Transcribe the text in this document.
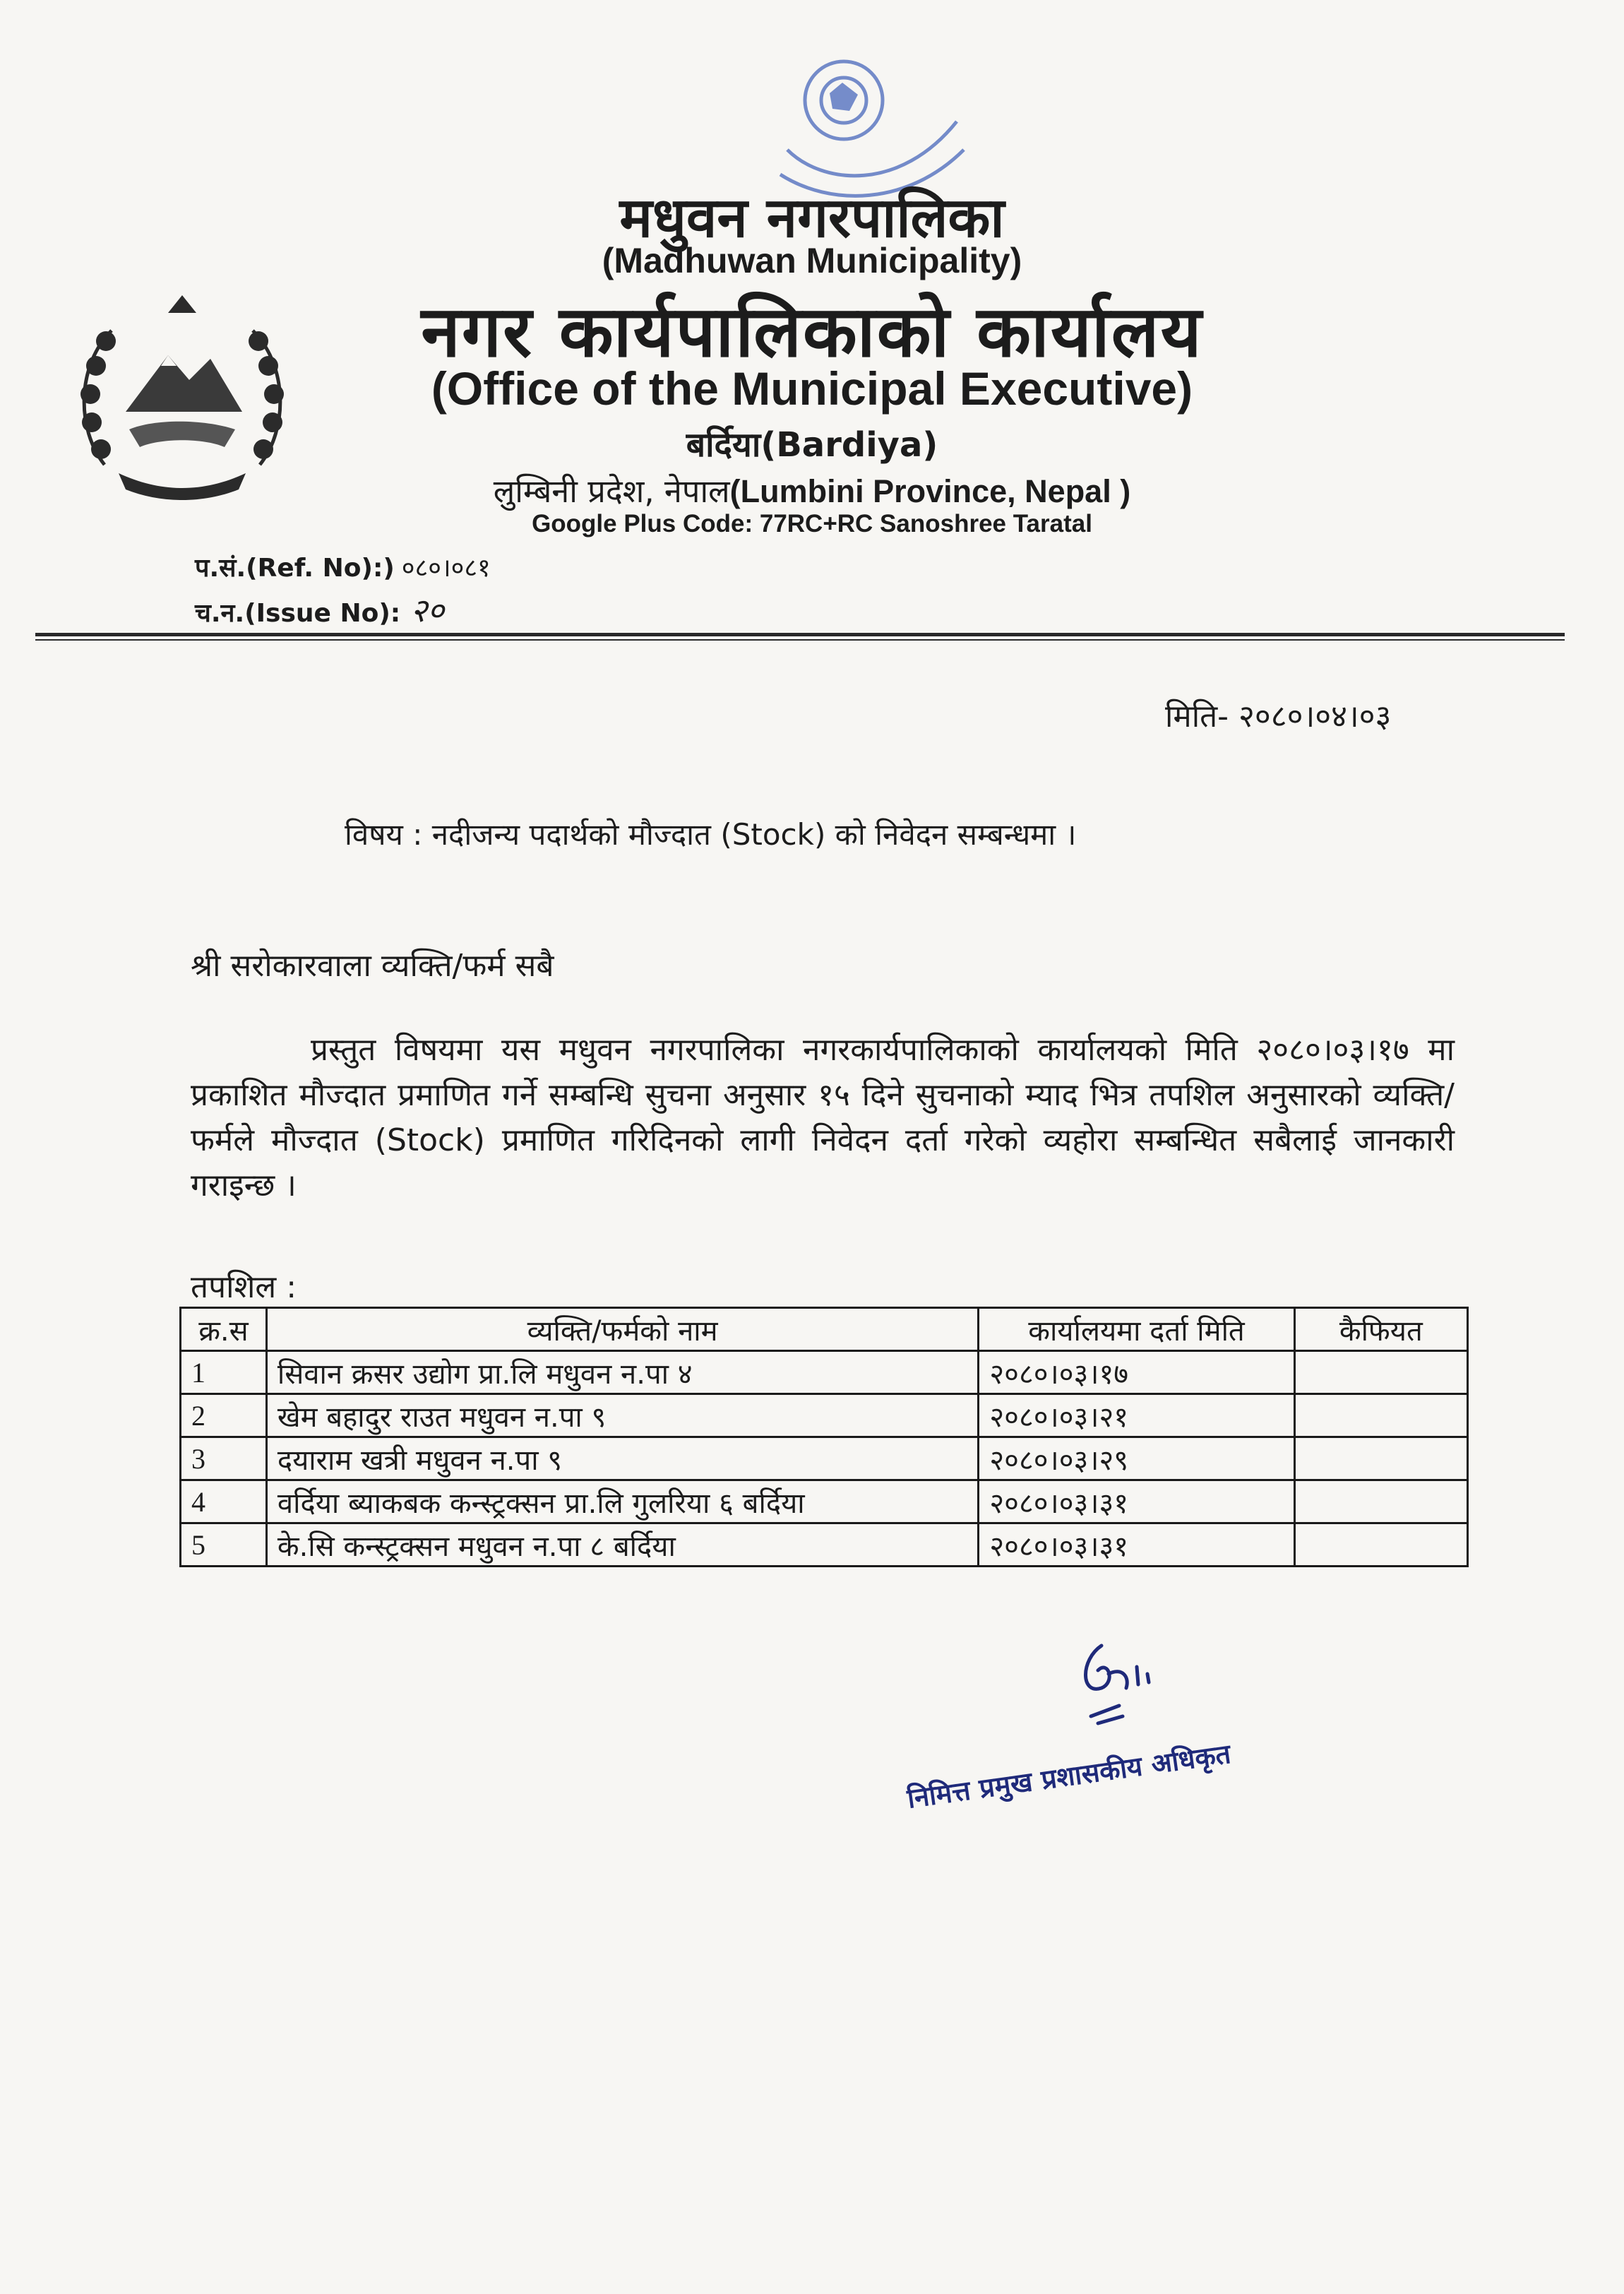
मधुवन नगरपालिका
(Madhuwan Municipality)
नगर कार्यपालिकाको कार्यालय
(Office of the Municipal Executive)
बर्दिया(Bardiya)
लुम्बिनी प्रदेश, नेपाल(Lumbini Province, Nepal )
Google Plus Code: 77RC+RC Sanoshree Taratal
प.सं.(Ref. No):) ०८०।०८१
च.न.(Issue No): २०
मिति- २०८०।०४।०३
विषय : नदीजन्य पदार्थको मौज्दात (Stock) को निवेदन सम्बन्धमा ।
श्री सरोकारवाला व्यक्ति/फर्म सबै
प्रस्तुत विषयमा यस मधुवन नगरपालिका नगरकार्यपालिकाको कार्यालयको मिति २०८०।०३।१७ मा प्रकाशित मौज्दात प्रमाणित गर्ने सम्बन्धि सुचना अनुसार १५ दिने सुचनाको म्याद भित्र तपशिल अनुसारको व्यक्ति/फर्मले मौज्दात (Stock) प्रमाणित गरिदिनको लागी निवेदन दर्ता गरेको व्यहोरा सम्बन्धित सबैलाई जानकारी गराइन्छ ।
तपशिल :
क्र.स	व्यक्ति/फर्मको नाम	कार्यालयमा दर्ता मिति	कैफियत
1	सिवान क्रसर उद्योग प्रा.लि मधुवन न.पा ४	२०८०।०३।१७	
2	खेम बहादुर राउत मधुवन न.पा ९	२०८०।०३।२१	
3	दयाराम खत्री मधुवन न.पा ९	२०८०।०३।२९	
4	वर्दिया ब्याकबक कन्स्ट्रक्सन प्रा.लि गुलरिया ६ बर्दिया	२०८०।०३।३१	
5	के.सि कन्स्ट्रक्सन मधुवन न.पा ८ बर्दिया	२०८०।०३।३१	
निमित्त प्रमुख प्रशासकीय अधिकृत
